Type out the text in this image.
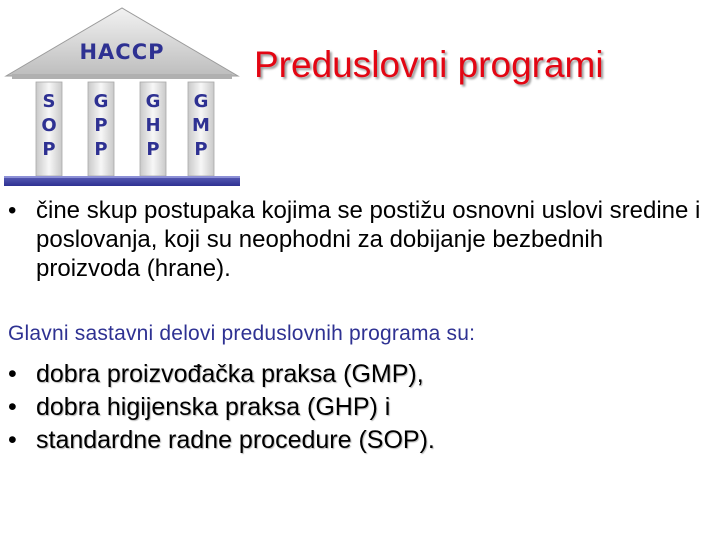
HACCP
S
O
P
G
P
P
G
H
P
G
M
P
Preduslovni programi
• čine skup postupaka kojima se postižu osnovni uslovi sredine i poslovanja, koji su neophodni za dobijanje bezbednih proizvoda (hrane).
Glavni sastavni delovi preduslovnih programa su:
• dobra proizvođačka praksa (GMP),
• dobra higijenska praksa (GHP) i
• standardne radne procedure (SOP).
